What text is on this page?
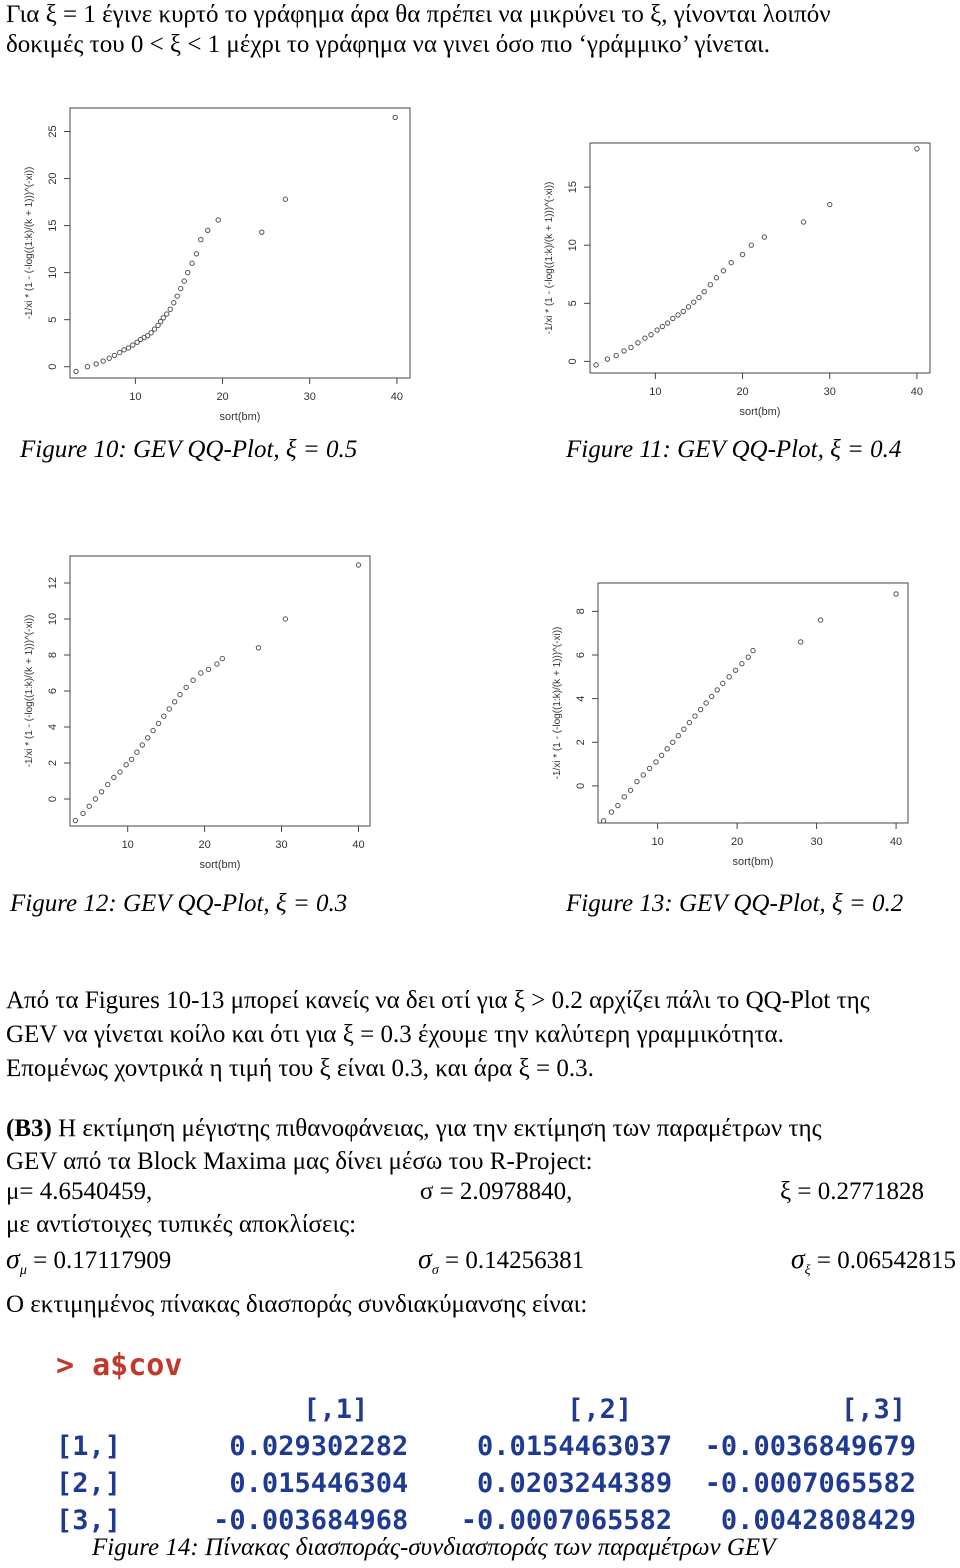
Για ξ = 1 έγινε κυρτό το γράφημα άρα θα πρέπει να μικρύνει το ξ, γίνονται λοιπόν
δοκιμές του 0 < ξ < 1 μέχρι το γράφημα να γινει όσο πιο ‘γράμμικο’ γίνεται.
10	20	30	40
0
5
10
15
20
25
sort(bm)
-1/xi * (1 - (-log((1:k)/(k + 1)))^(-xi))
Figure 10: GEV QQ-Plot, ξ = 0.5
10	20	30	40
0
5
10
15
sort(bm)
-1/xi * (1 - (-log((1:k)/(k + 1)))^(-xi))
Figure 11: GEV QQ-Plot, ξ = 0.4
10	20	30	40
0
2
4
6
8
10
12
sort(bm)
-1/xi * (1 - (-log((1:k)/(k + 1)))^(-xi))
Figure 12: GEV QQ-Plot, ξ = 0.3
10	20	30	40
0
2
4
6
8
sort(bm)
-1/xi * (1 - (-log((1:k)/(k + 1)))^(-xi))
Figure 13: GEV QQ-Plot, ξ = 0.2
Από τα Figures 10-13 μπορεί κανείς να δει οτί για ξ > 0.2 αρχίζει πάλι το QQ-Plot της
GEV να γίνεται κοίλο και ότι για ξ = 0.3 έχουμε την καλύτερη γραμμικότητα.
Επομένως χοντρικά η τιμή του ξ είναι 0.3, και άρα ξ = 0.3.
(B3) Η εκτίμηση μέγιστης πιθανοφάνειας, για την εκτίμηση των παραμέτρων της
GEV από τα Block Maxima μας δίνει μέσω του R-Project:
μ= 4.6540459,	σ = 2.0978840,	ξ = 0.2771828
με αντίστοιχες τυπικές αποκλίσεις:
$\sigma_\mu = 0.17117909$	$\sigma_\sigma = 0.14256381$	$\sigma_\xi = 0.06542815$
Ο εκτιμημένος πίνακας διασποράς συνδιακύμανσης είναι:
> a$cov
	[,1]	[,2]	[,3]
[1,]	0.029302282	0.0154463037	-0.0036849679
[2,]	0.015446304	0.0203244389	-0.0007065582
[3,]	-0.003684968	-0.0007065582	0.0042808429
Figure 14: Πίνακας διασποράς-συνδιασποράς των παραμέτρων GEV
